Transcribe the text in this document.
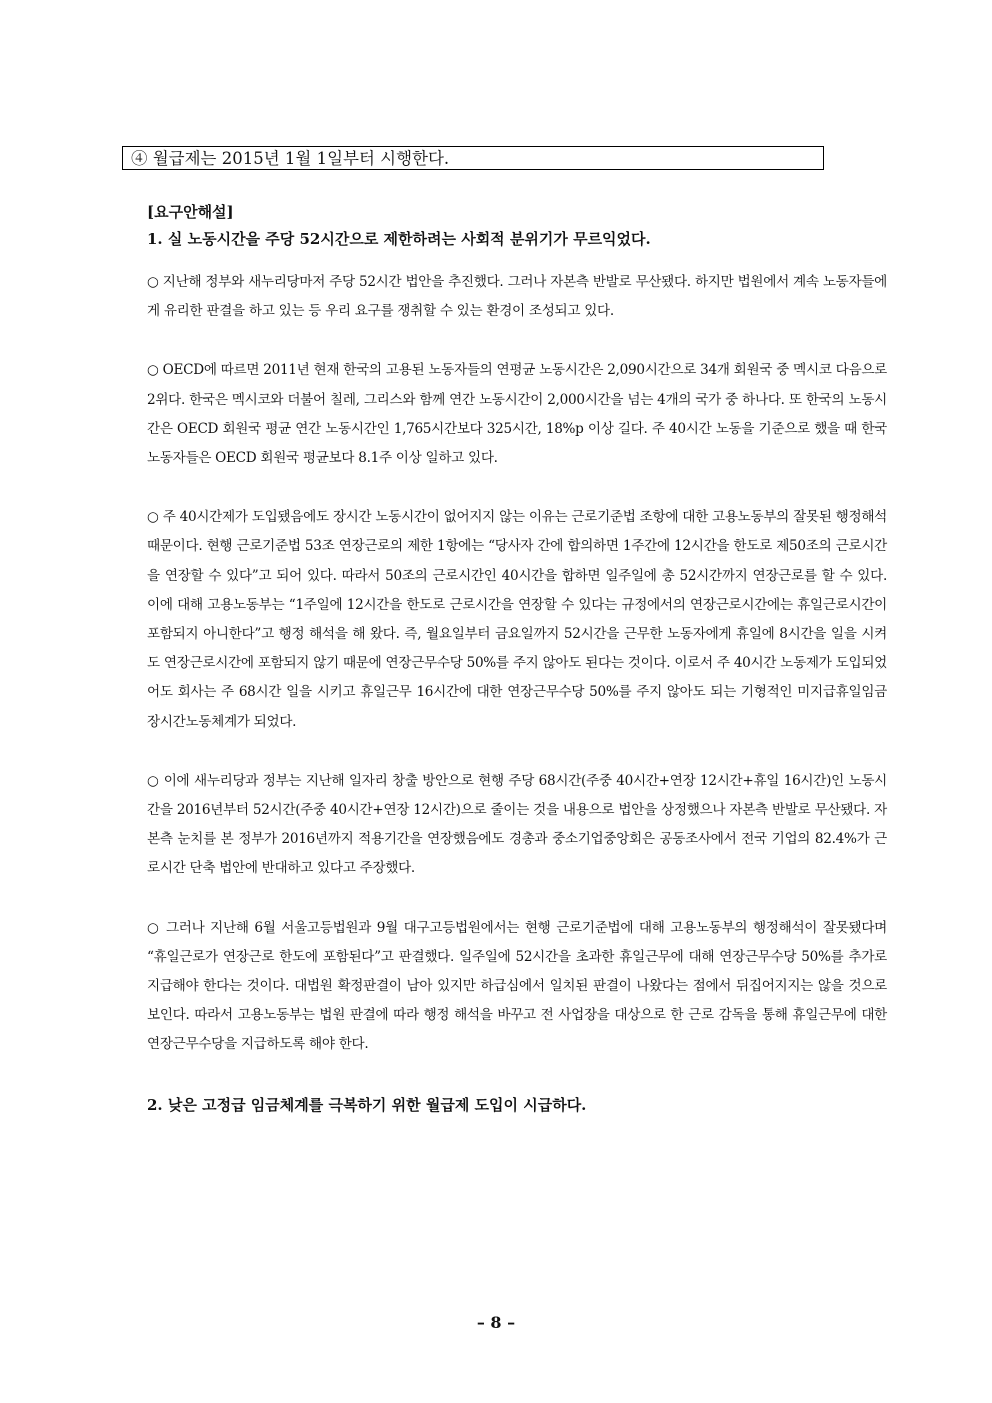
④ 월급제는 2015년 1월 1일부터 시행한다.

[요구안해설]

1. 실 노동시간을 주당 52시간으로 제한하려는 사회적 분위기가 무르익었다.

○ 지난해 정부와 새누리당마저 주당 52시간 법안을 추진했다. 그러나 자본측 반발로 무산됐다. 하지만 법원에서 계속 노동자들에게 유리한 판결을 하고 있는 등 우리 요구를 쟁취할 수 있는 환경이 조성되고 있다.

○ OECD에 따르면 2011년 현재 한국의 고용된 노동자들의 연평균 노동시간은 2,090시간으로 34개 회원국 중 멕시코 다음으로 2위다. 한국은 멕시코와 더불어 칠레, 그리스와 함께 연간 노동시간이 2,000시간을 넘는 4개의 국가 중 하나다. 또 한국의 노동시간은 OECD 회원국 평균 연간 노동시간인 1,765시간보다 325시간, 18%p 이상 길다. 주 40시간 노동을 기준으로 했을 때 한국 노동자들은 OECD 회원국 평균보다 8.1주 이상 일하고 있다.

○ 주 40시간제가 도입됐음에도 장시간 노동시간이 없어지지 않는 이유는 근로기준법 조항에 대한 고용노동부의 잘못된 행정해석 때문이다. 현행 근로기준법 53조 연장근로의 제한 1항에는 “당사자 간에 합의하면 1주간에 12시간을 한도로 제50조의 근로시간을 연장할 수 있다”고 되어 있다. 따라서 50조의 근로시간인 40시간을 합하면 일주일에 총 52시간까지 연장근로를 할 수 있다. 이에 대해 고용노동부는 “1주일에 12시간을 한도로 근로시간을 연장할 수 있다는 규정에서의 연장근로시간에는 휴일근로시간이 포함되지 아니한다”고 행정 해석을 해 왔다. 즉, 월요일부터 금요일까지 52시간을 근무한 노동자에게 휴일에 8시간을 일을 시켜도 연장근로시간에 포함되지 않기 때문에 연장근무수당 50%를 주지 않아도 된다는 것이다. 이로서 주 40시간 노동제가 도입되었어도 회사는 주 68시간 일을 시키고 휴일근무 16시간에 대한 연장근무수당 50%를 주지 않아도 되는 기형적인 미지급휴일임금 장시간노동체계가 되었다.

○ 이에 새누리당과 정부는 지난해 일자리 창출 방안으로 현행 주당 68시간(주중 40시간+연장 12시간+휴일 16시간)인 노동시간을 2016년부터 52시간(주중 40시간+연장 12시간)으로 줄이는 것을 내용으로 법안을 상정했으나 자본측 반발로 무산됐다. 자본측 눈치를 본 정부가 2016년까지 적용기간을 연장했음에도 경총과 중소기업중앙회은 공동조사에서 전국 기업의 82.4%가 근로시간 단축 법안에 반대하고 있다고 주장했다.

○ 그러나 지난해 6월 서울고등법원과 9월 대구고등법원에서는 현행 근로기준법에 대해 고용노동부의 행정해석이 잘못됐다며 “휴일근로가 연장근로 한도에 포함된다”고 판결했다. 일주일에 52시간을 초과한 휴일근무에 대해 연장근무수당 50%를 추가로 지급해야 한다는 것이다. 대법원 확정판결이 남아 있지만 하급심에서 일치된 판결이 나왔다는 점에서 뒤집어지지는 않을 것으로 보인다. 따라서 고용노동부는 법원 판결에 따라 행정 해석을 바꾸고 전 사업장을 대상으로 한 근로 감독을 통해 휴일근무에 대한 연장근무수당을 지급하도록 해야 한다.

2. 낮은 고정급 임금체계를 극복하기 위한 월급제 도입이 시급하다.

– 8 –
